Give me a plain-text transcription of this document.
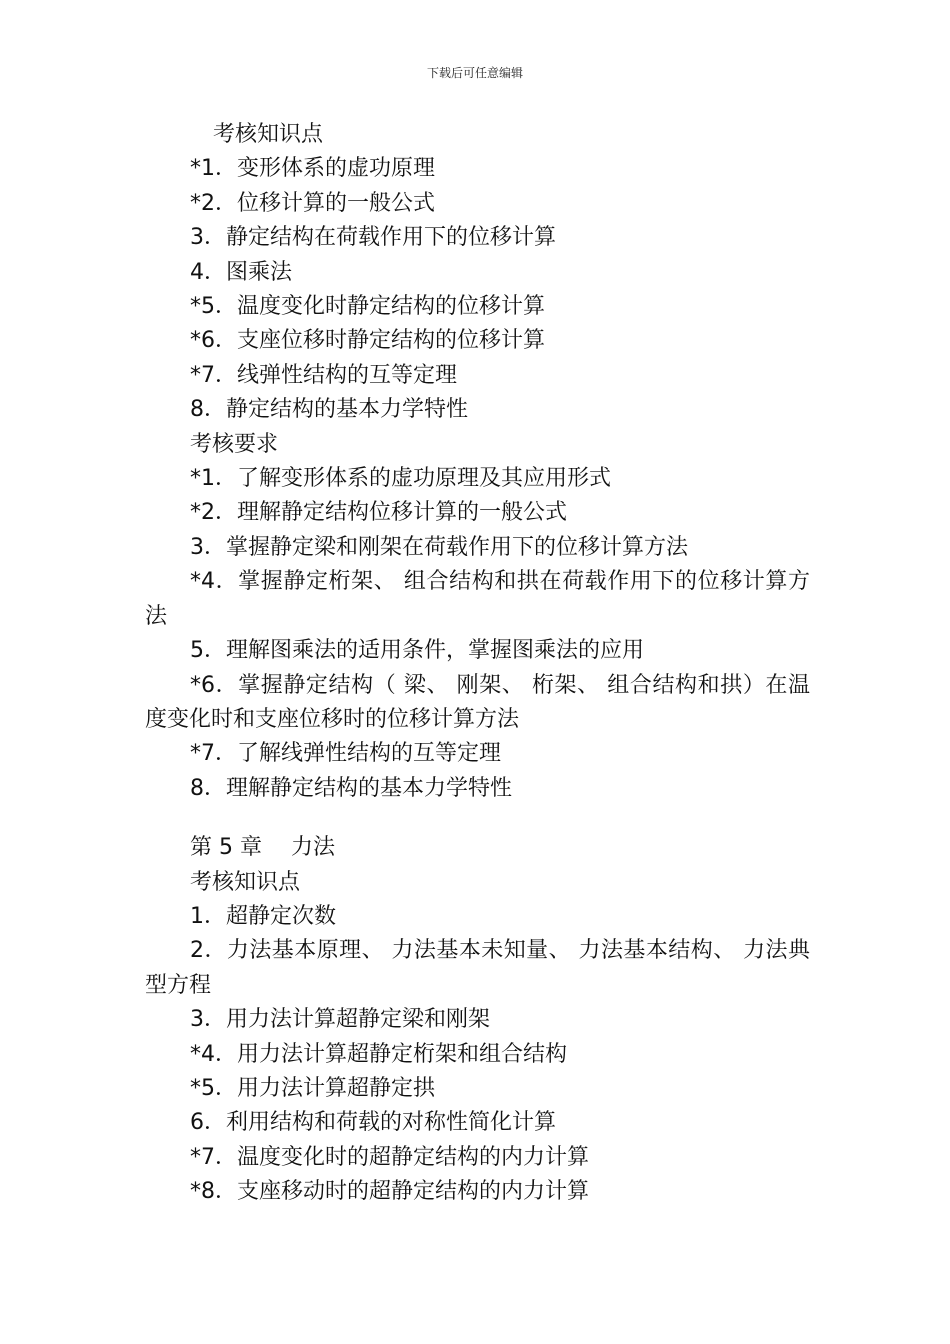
下载后可任意编辑
考核知识点
*1．变形体系的虚功原理
*2．位移计算的一般公式
3．静定结构在荷载作用下的位移计算
4．图乘法
*5．温度变化时静定结构的位移计算
*6．支座位移时静定结构的位移计算
*7．线弹性结构的互等定理
8．静定结构的基本力学特性
考核要求
*1．了解变形体系的虚功原理及其应用形式
*2．理解静定结构位移计算的一般公式
3．掌握静定梁和刚架在荷载作用下的位移计算方法
*4．掌握静定桁架、 组合结构和拱在荷载作用下的位移计算方法
5．理解图乘法的适用条件，掌握图乘法的应用
*6．掌握静定结构（ 梁、 刚架、 桁架、 组合结构和拱）在温度变化时和支座位移时的位移计算方法
*7．了解线弹性结构的互等定理
8．理解静定结构的基本力学特性
第 5 章　 力法
考核知识点
1．超静定次数
2．力法基本原理、 力法基本未知量、 力法基本结构、 力法典型方程
3．用力法计算超静定梁和刚架
*4．用力法计算超静定桁架和组合结构
*5．用力法计算超静定拱
6．利用结构和荷载的对称性简化计算
*7．温度变化时的超静定结构的内力计算
*8．支座移动时的超静定结构的内力计算
